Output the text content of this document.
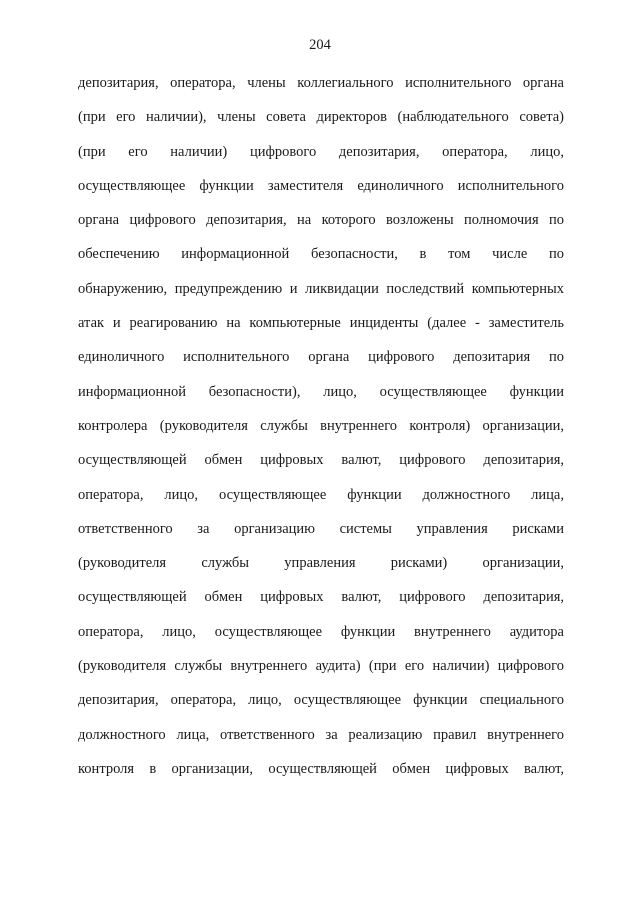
204
депозитария, оператора, члены коллегиального исполнительного органа
(при его наличии), члены совета директоров (наблюдательного совета)
(при его наличии) цифрового депозитария, оператора, лицо,
осуществляющее функции заместителя единоличного исполнительного
органа цифрового депозитария, на которого возложены полномочия по
обеспечению информационной безопасности, в том числе по
обнаружению, предупреждению и ликвидации последствий компьютерных
атак и реагированию на компьютерные инциденты (далее - заместитель
единоличного исполнительного органа цифрового депозитария по
информационной безопасности), лицо, осуществляющее функции
контролера (руководителя службы внутреннего контроля) организации,
осуществляющей обмен цифровых валют, цифрового депозитария,
оператора, лицо, осуществляющее функции должностного лица,
ответственного за организацию системы управления рисками
(руководителя службы управления рисками) организации,
осуществляющей обмен цифровых валют, цифрового депозитария,
оператора, лицо, осуществляющее функции внутреннего аудитора
(руководителя службы внутреннего аудита) (при его наличии) цифрового
депозитария, оператора, лицо, осуществляющее функции специального
должностного лица, ответственного за реализацию правил внутреннего
контроля в организации, осуществляющей обмен цифровых валют,
